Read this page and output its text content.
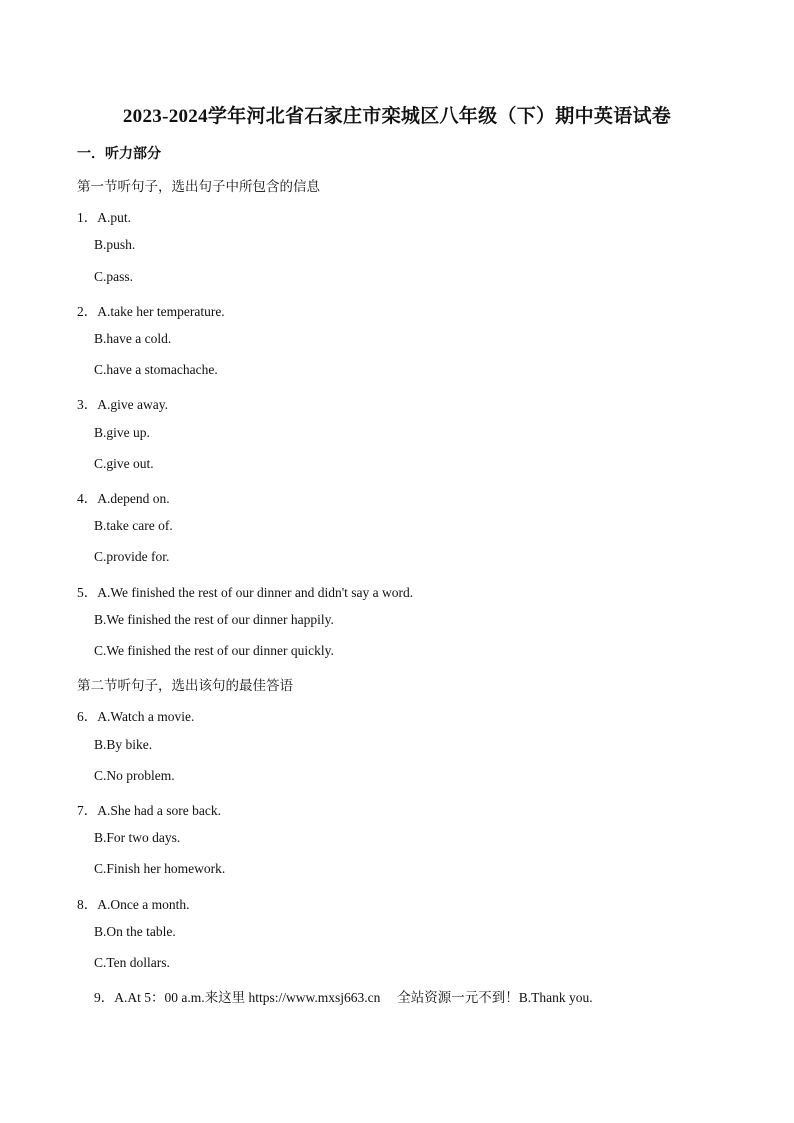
2023-2024学年河北省石家庄市栾城区八年级（下）期中英语试卷
一．听力部分
第一节听句子，选出句子中所包含的信息
1．A.put.
B.push.
C.pass.
2．A.take her temperature.
B.have a cold.
C.have a stomachache.
3．A.give away.
B.give up.
C.give out.
4．A.depend on.
B.take care of.
C.provide for.
5．A.We finished the rest of our dinner and didn't say a word.
B.We finished the rest of our dinner happily.
C.We finished the rest of our dinner quickly.
第二节听句子，选出该句的最佳答语
6．A.Watch a movie.
B.By bike.
C.No problem.
7．A.She had a sore back.
B.For two days.
C.Finish her homework.
8．A.Once a month.
B.On the table.
C.Ten dollars.
9．A.At 5：00 a.m.来这里 https://www.mxsj663.cn 　全站资源一元不到！B.Thank you.
